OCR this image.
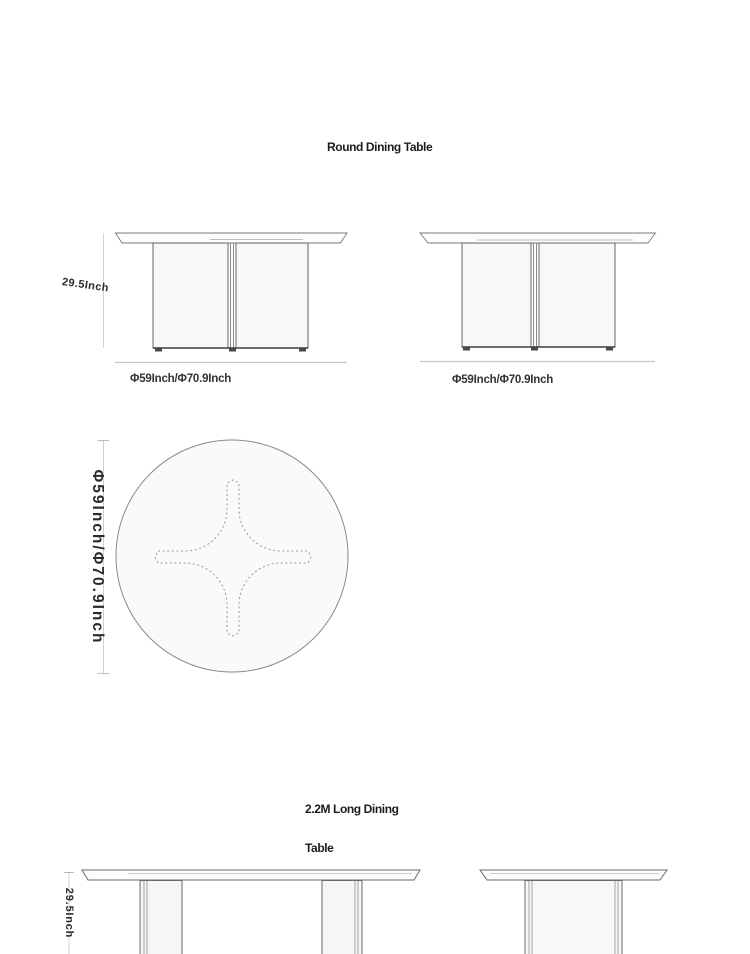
Round Dining Table
29.5Inch
Φ59Inch/Φ70.9Inch	Φ59Inch/Φ70.9Inch
Φ59Inch/Φ70.9Inch

2.2M Long Dining

Table

29.5Inch
